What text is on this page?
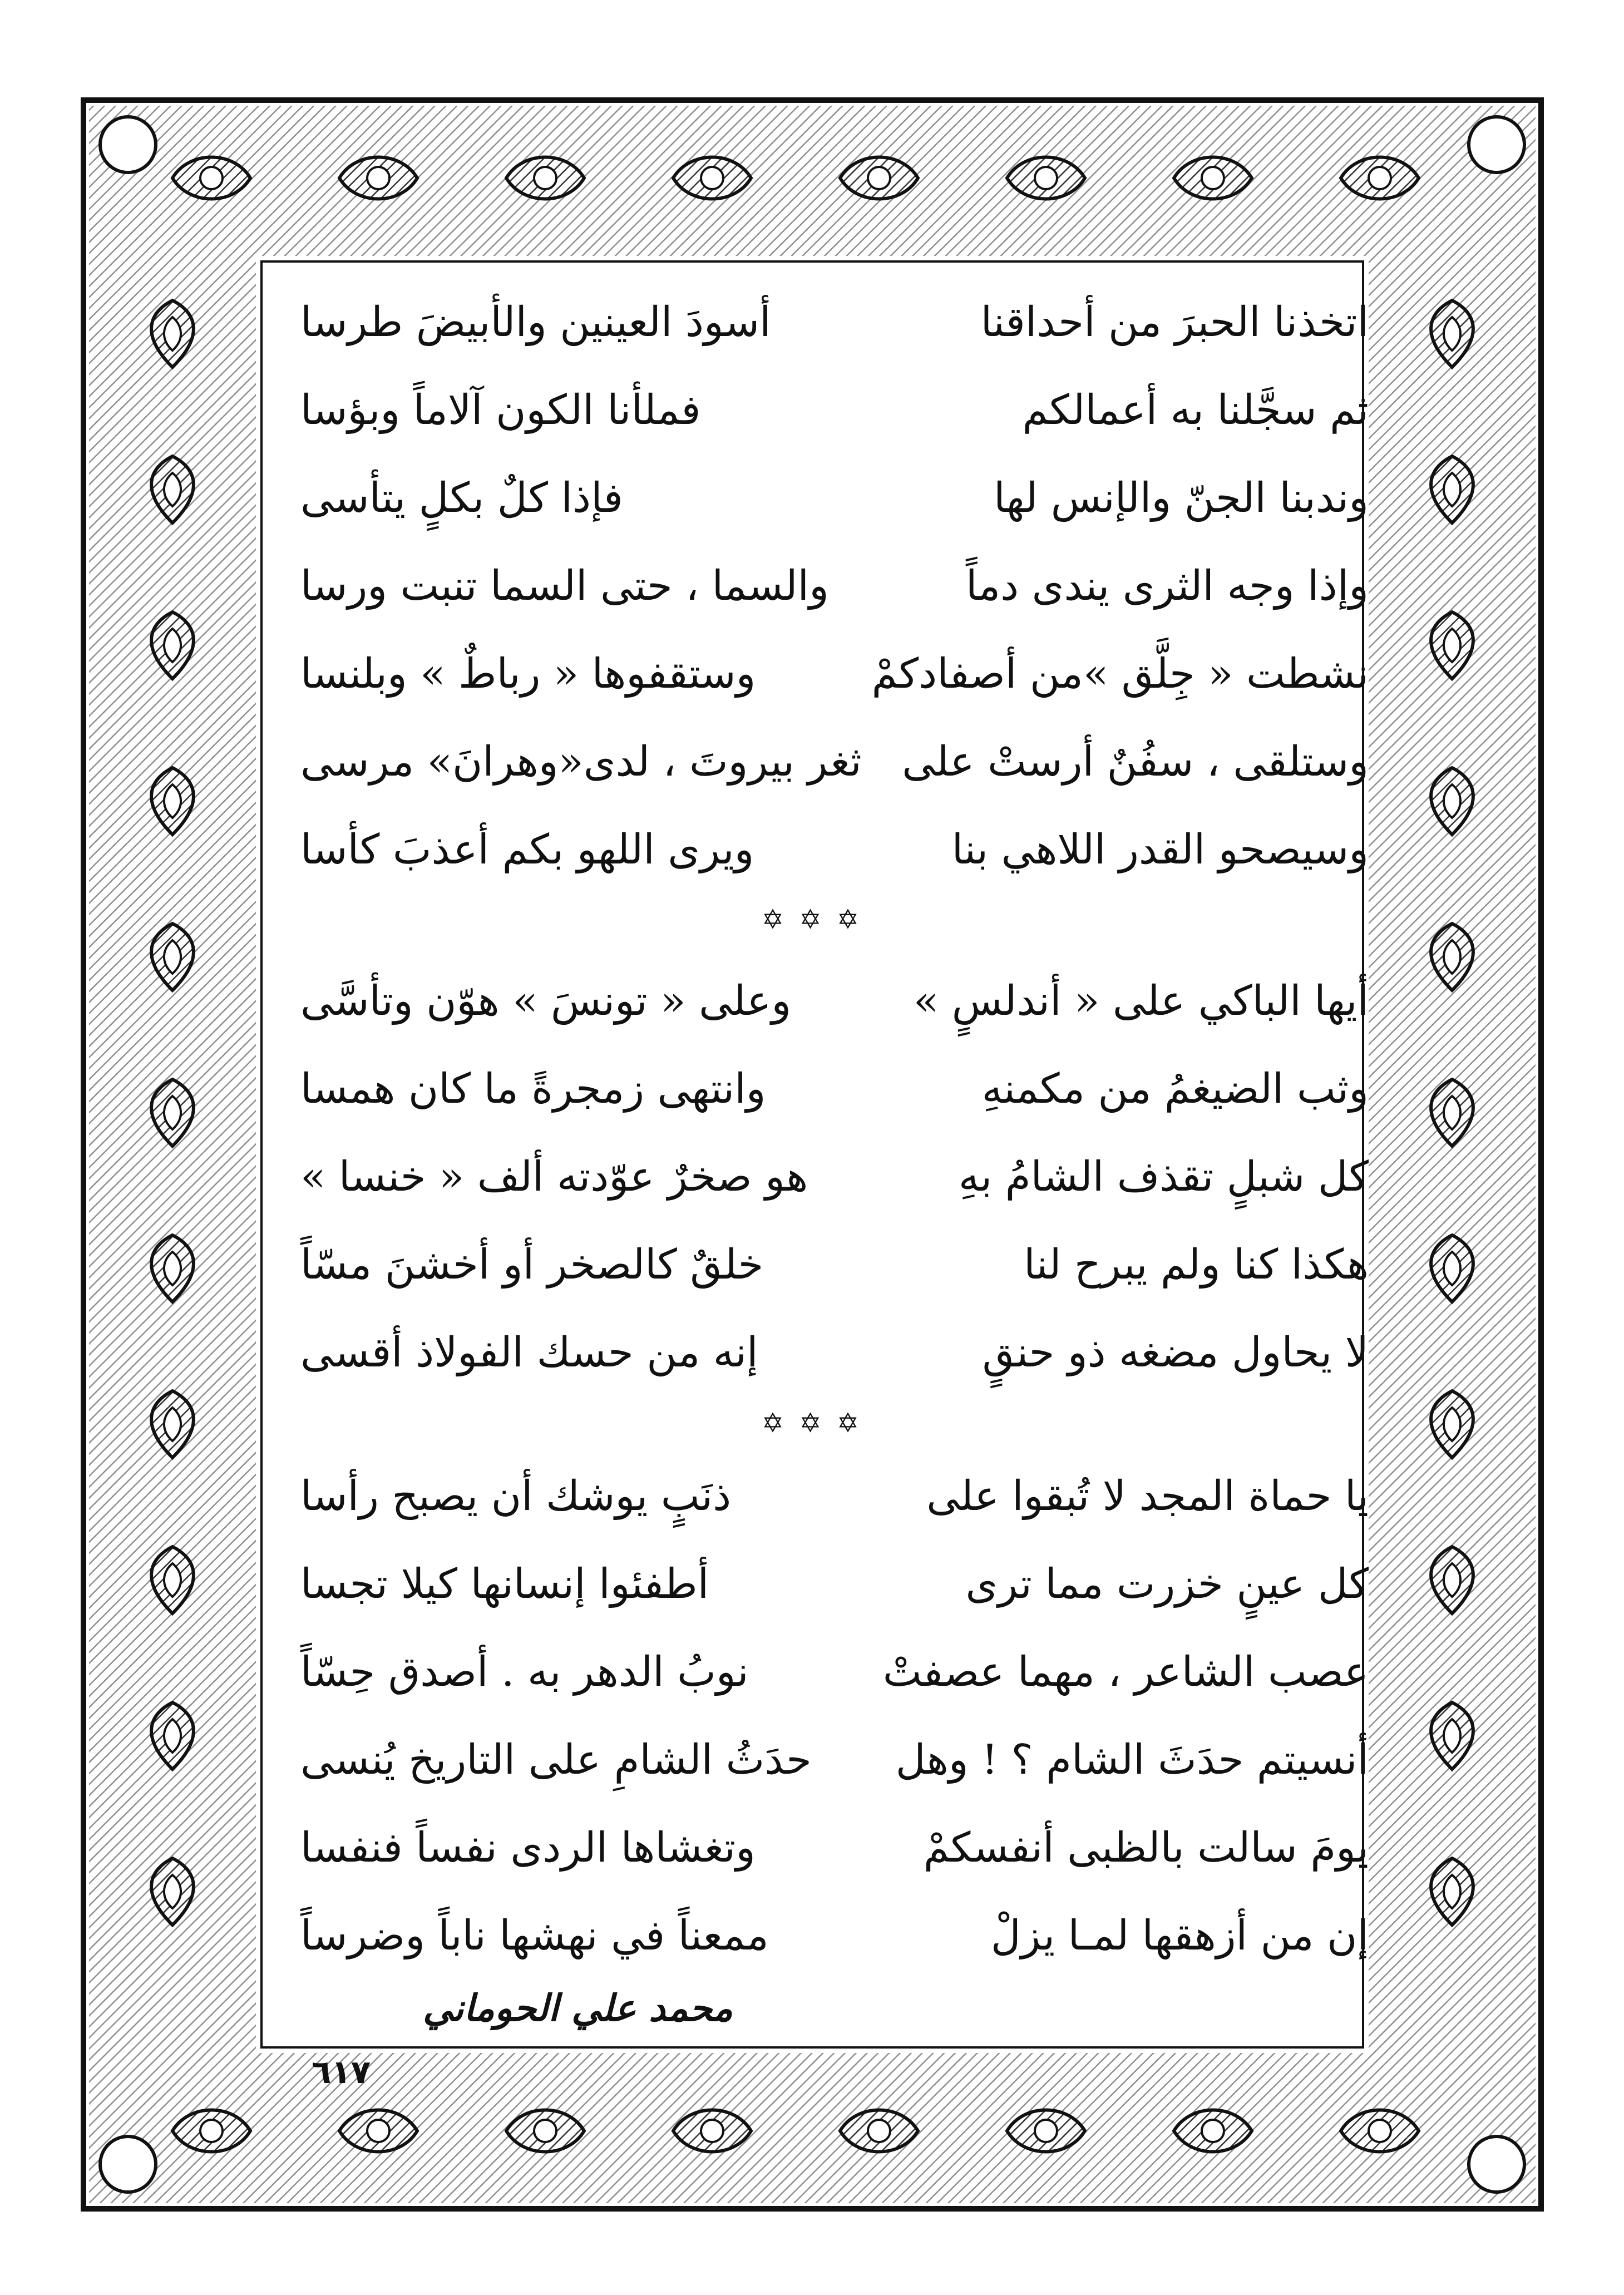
اتخذنا الحبرَ من أحداقنا
أسودَ العينين والأبيضَ طرسا
ثم سجَّلنا به أعمالكم
فملأنا الكون آلاماً وبؤسا
وندبنا الجنّ والإنس لها
فإذا كلٌ بكلٍ يتأسى
وإذا وجه الثرى يندى دماً
والسما ، حتى السما تنبت ورسا
نشطت « جِلَّق »من أصفادكمْ
وستقفوها « رباطٌ » وبلنسا
وستلقى ، سفُنٌ أرستْ على
ثغر بيروتَ ، لدى«وهرانَ» مرسى
وسيصحو القدر اللاهي بنا
ويرى اللهو بكم أعذبَ كأسا
✡ ✡ ✡
أيها الباكي على « أندلسٍ »
وعلى « تونسَ » هوّن وتأسَّى
وثب الضيغمُ من مكمنهِ
وانتهى زمجرةً ما كان همسا
كل شبلٍ تقذف الشامُ بهِ
هو صخرٌ عوّدته ألف « خنسا »
هكذا كنا ولم يبرح لنا
خلقٌ كالصخر أو أخشنَ مسّاً
لا يحاول مضغه ذو حنقٍ
إنه من حسك الفولاذ أقسى
✡ ✡ ✡
يا حماة المجد لا تُبقوا على
ذنَبٍ يوشك أن يصبح رأسا
كل عينٍ خزرت مما ترى
أطفئوا إنسانها كيلا تجسا
عصب الشاعر ، مهما عصفتْ
نوبُ الدهر به . أصدق حِسّاً
أنسيتم حدَثَ الشام ؟ ! وهل
حدَثُ الشامِ على التاريخ يُنسى
يومَ سالت بالظبى أنفسكمْ
وتغشاها الردى نفساً فنفسا
إن من أزهقها لمـا يزلْ
ممعناً في نهشها ناباً وضرساً
محمد علي الحوماني
٦١٧
